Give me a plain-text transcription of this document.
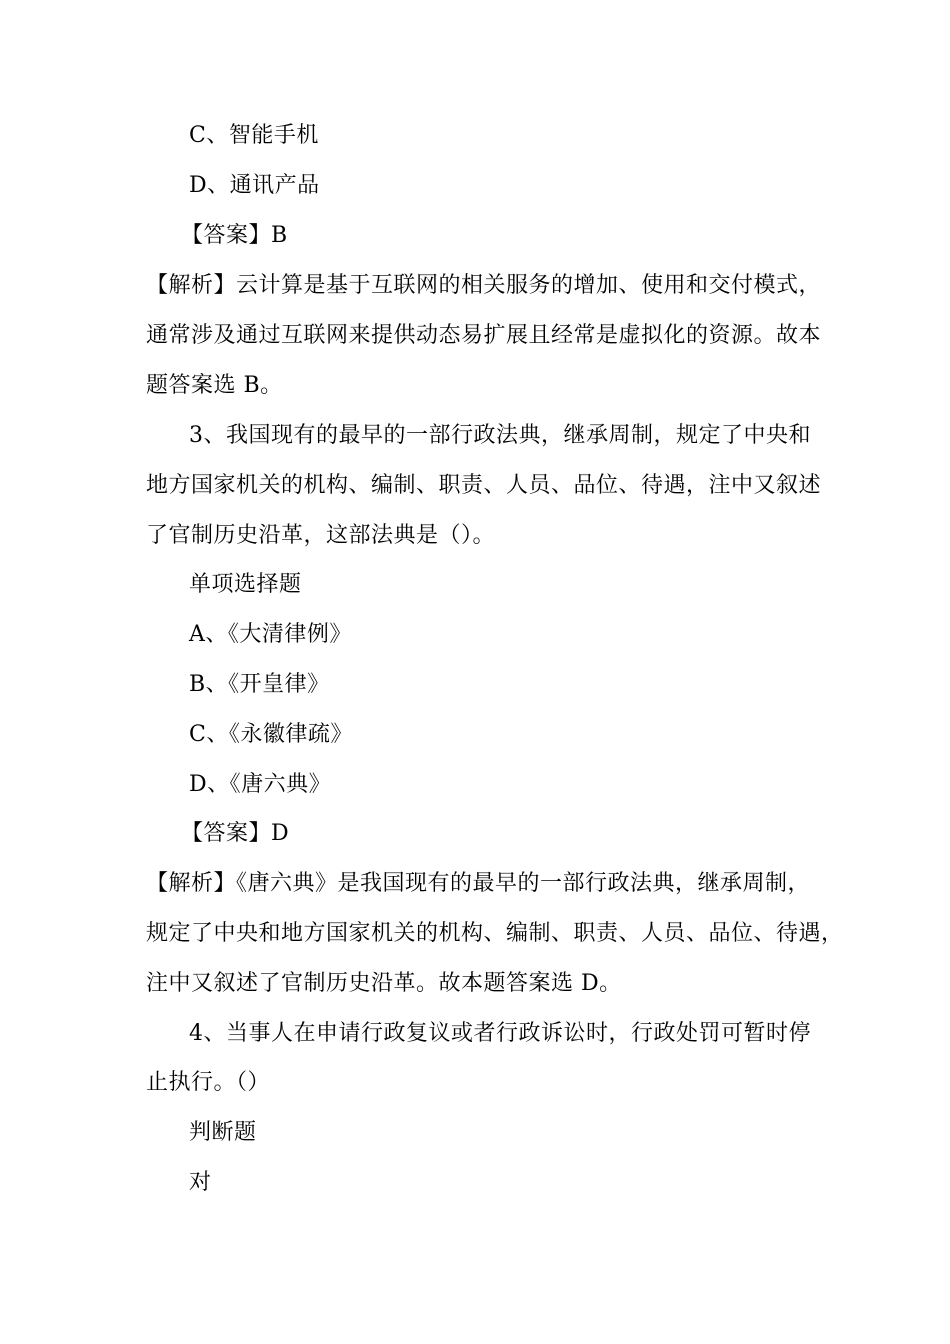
C、智能手机
D、通讯产品
【答案】B
【解析】云计算是基于互联网的相关服务的增加、使用和交付模式，
通常涉及通过互联网来提供动态易扩展且经常是虚拟化的资源。故本
题答案选 B。
3、我国现有的最早的一部行政法典，继承周制，规定了中央和
地方国家机关的机构、编制、职责、人员、品位、待遇，注中又叙述
了官制历史沿革，这部法典是（）。
单项选择题
A、《大清律例》
B、《开皇律》
C、《永徽律疏》
D、《唐六典》
【答案】D
【解析】《唐六典》是我国现有的最早的一部行政法典，继承周制，
规定了中央和地方国家机关的机构、编制、职责、人员、品位、待遇，
注中又叙述了官制历史沿革。故本题答案选 D。
4、当事人在申请行政复议或者行政诉讼时，行政处罚可暂时停
止执行。（）
判断题
对
